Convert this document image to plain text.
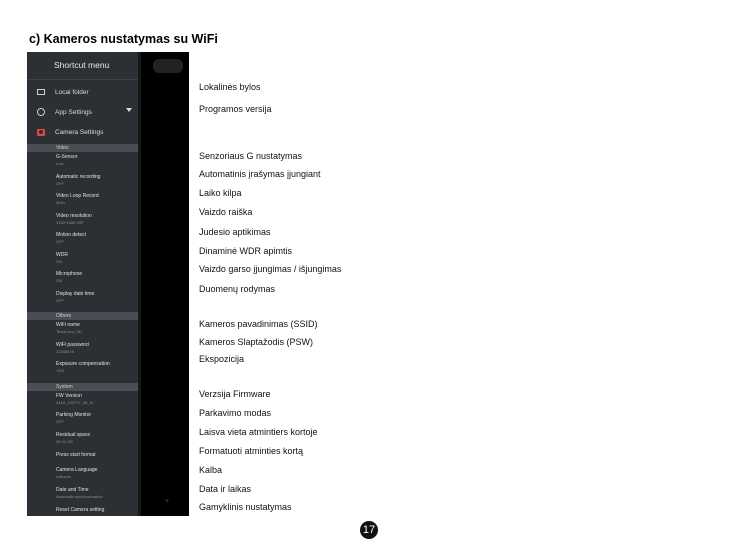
c) Kameros nustatymas su WiFi
Shortcut menu
Local folder
App Settings
Camera Settings
Video
G-Sensor
Low
Automatic recording
OFF
Video Loop Record
3min
Video resolution
1920*1080 30P
Motion detect
OFF
WDR
ON
Microphone
ON
Display date time
OFF
Others
WiFi name
TeslaCam_HD
WiFi password
12345678
Exposure compensation
+0/3
System
FW Version
A118_180717_3E_N
Parking Monitor
OFF
Residual space
29.41 GB
Press start format
Camera Language
Lietuvos
Date and Time
Automatic synchronization
Reset Camera setting
+
Lokalinės bylos
Programos versija
Senzoriaus G nustatymas
Automatinis įrašymas įjungiant
Laiko kilpa
Vaizdo raiška
Judesio aptikimas
Dinaminė WDR apimtis
Vaizdo garso įjungimas / išjungimas
Duomenų rodymas
Kameros pavadinimas (SSID)
Kameros Slaptažodis (PSW)
Ekspozicija
Verzsija Firmware
Parkavimo modas
Laisva vieta atmintiers kortoje
Formatuoti atminties kortą
Kalba
Data ir laikas
Gamyklinis nustatymas
17
